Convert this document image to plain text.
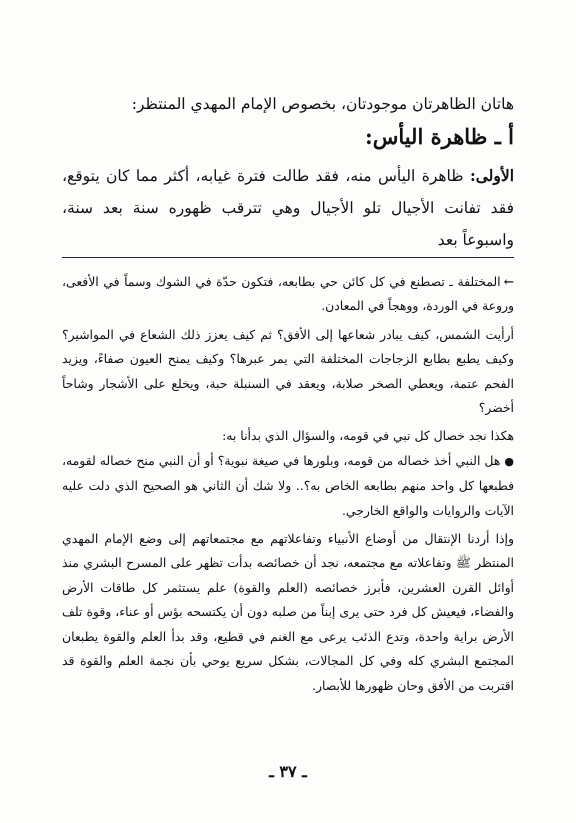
هاتان الظاهرتان موجودتان، بخصوص الإمام المهدي المنتظر:
أ ـ ظاهرة اليأس:
الأولى: ظاهرة اليأس منه، فقد طالت فترة غيابه، أكثر مما كان يتوقع، فقد تفانت الأجيال تلو الأجيال وهي تترقب ظهوره سنة بعد سنة، واسبوعاً بعد

←المختلفة ـ تصطنع في كل كائن حي بطابعه، فتكون حدّة في الشوك وسماً في الأفعى، وروعة في الوردة، ووهجاً في المعادن.

أرأيت الشمس، كيف يبادر شعاعها إلى الأفق؟ ثم كيف يعزز ذلك الشعاع في المواشير؟ وكيف يطبع بطابع الزجاجات المختلفة التي يمر عبرها؟ وكيف يمنح العيون صفاءً، ويزيد الفحم عتمة، ويعطي الصخر صلابة، ويعقد في السنبلة حبة، ويخلع على الأشجار وشاحاً أخضر؟

هكذا نجد خصال كل نبي في قومه، والسؤال الذي بدأنا به:

●هل النبي أخذ خصاله من قومه، وبلورها في صيغة نبوية؟ أو أن النبي منح خصاله لقومه، فطبعها كل واحد منهم بطابعه الخاص به؟.. ولا شك أن الثاني هو الصحيح الذي دلت عليه الآيات والروايات والواقع الخارجي.

وإذا أردنا الإنتقال من أوضاع الأنبياء وتفاعلاتهم مع مجتمعاتهم إلى وضع الإمام المهدي المنتظر ﷺ وتفاعلاته مع مجتمعه، نجد أن خصائصه بدأت تظهر على المسرح البشري منذ أوائل القرن العشرين، فأبرز خصائصه (العلم والقوة) علم يستثمر كل طاقات الأرض والفضاء، فيعيش كل فرد حتى يرى إبناً من صلبه دون أن يكتسحه بؤس أو عناء، وقوة تلف الأرض براية واحدة، وتدع الذئب يرعى مع الغنم في قطيع، وقد بدأ العلم والقوة يطبعان المجتمع البشري كله وفي كل المجالات، بشكل سريع يوحي بأن نجمة العلم والقوة قد اقتربت من الأفق وحان ظهورها للأبصار.

ـ ٣٧ ـ
